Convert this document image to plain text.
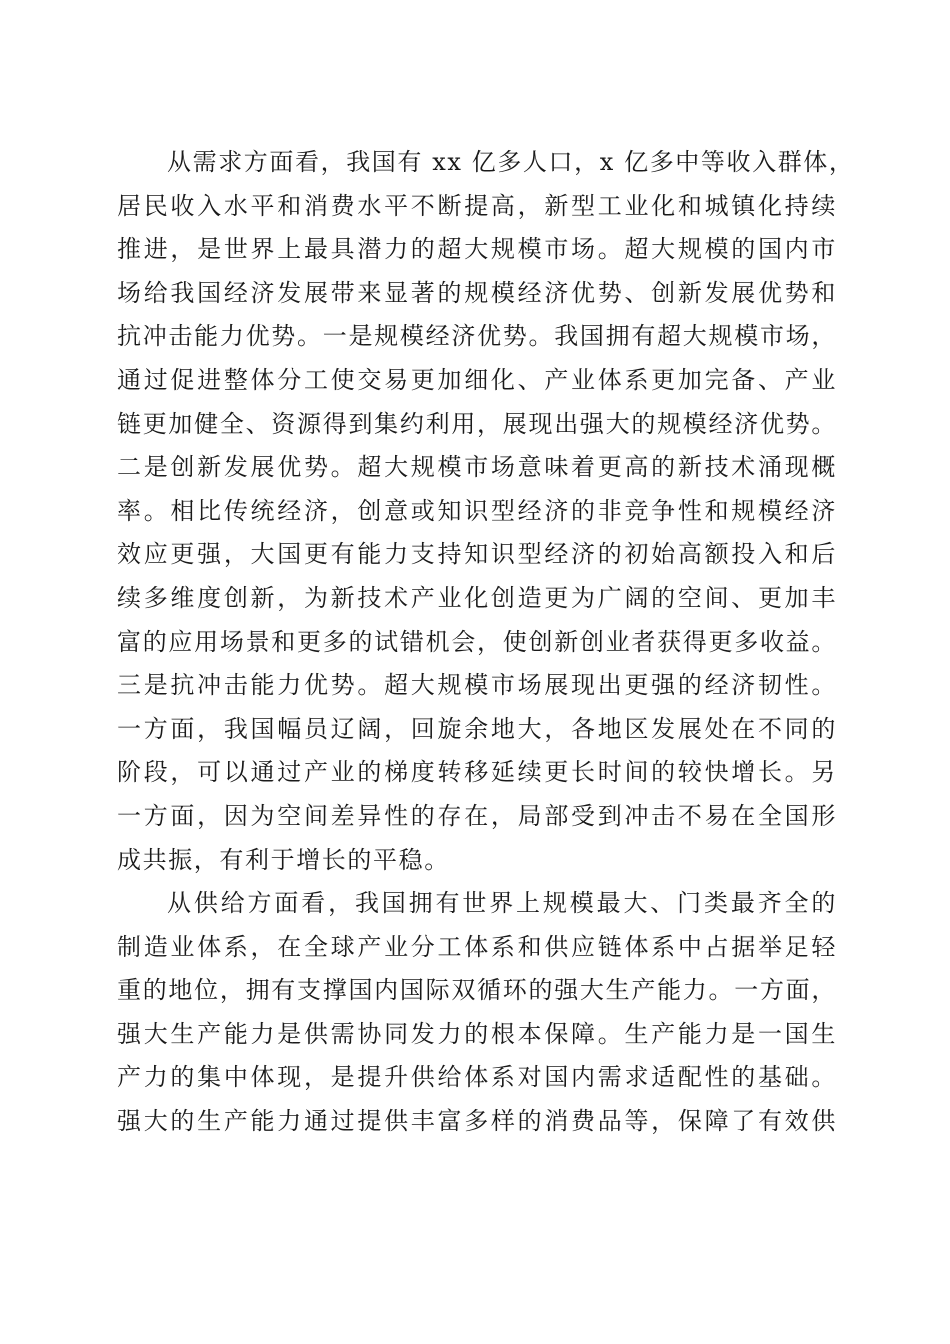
从需求方面看，我国有 xx 亿多人口，x 亿多中等收入群体，
居民收入水平和消费水平不断提高，新型工业化和城镇化持续
推进，是世界上最具潜力的超大规模市场。超大规模的国内市
场给我国经济发展带来显著的规模经济优势、创新发展优势和
抗冲击能力优势。一是规模经济优势。我国拥有超大规模市场，
通过促进整体分工使交易更加细化、产业体系更加完备、产业
链更加健全、资源得到集约利用，展现出强大的规模经济优势。
二是创新发展优势。超大规模市场意味着更高的新技术涌现概
率。相比传统经济，创意或知识型经济的非竞争性和规模经济
效应更强，大国更有能力支持知识型经济的初始高额投入和后
续多维度创新，为新技术产业化创造更为广阔的空间、更加丰
富的应用场景和更多的试错机会，使创新创业者获得更多收益。
三是抗冲击能力优势。超大规模市场展现出更强的经济韧性。
一方面，我国幅员辽阔，回旋余地大，各地区发展处在不同的
阶段，可以通过产业的梯度转移延续更长时间的较快增长。另
一方面，因为空间差异性的存在，局部受到冲击不易在全国形
成共振，有利于增长的平稳。
从供给方面看，我国拥有世界上规模最大、门类最齐全的
制造业体系，在全球产业分工体系和供应链体系中占据举足轻
重的地位，拥有支撑国内国际双循环的强大生产能力。一方面，
强大生产能力是供需协同发力的根本保障。生产能力是一国生
产力的集中体现，是提升供给体系对国内需求适配性的基础。
强大的生产能力通过提供丰富多样的消费品等，保障了有效供
